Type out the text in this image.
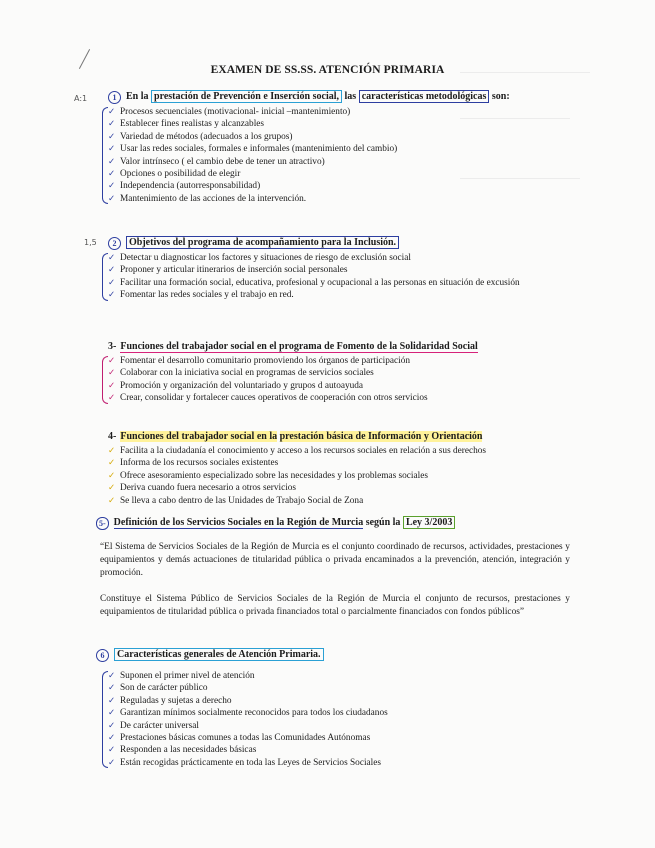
EXAMEN DE SS.SS. ATENCIÓN PRIMARIA
A:1	1 En la prestación de Prevención e Inserción social, las características metodológicas son:
✓ Procesos secuenciales (motivacional- inicial –mantenimiento)
✓ Establecer fines realistas y alcanzables
✓ Variedad de métodos (adecuados a los grupos)
✓ Usar las redes sociales, formales e informales (mantenimiento del cambio)
✓ Valor intrínseco ( el cambio debe de tener un atractivo)
✓ Opciones o posibilidad de elegir
✓ Independencia (autorresponsabilidad)
✓ Mantenimiento de las acciones de la intervención.
1,5	2 Objetivos del programa de acompañamiento para la Inclusión.
✓ Detectar u diagnosticar los factores y situaciones de riesgo de exclusión social
✓ Proponer y articular itinerarios de inserción social personales
✓ Facilitar una formación social, educativa, profesional y ocupacional a las personas en situación de excusión
✓ Fomentar las redes sociales y el trabajo en red.
3- Funciones del trabajador social en el programa de Fomento de la Solidaridad Social
✓ Fomentar el desarrollo comunitario promoviendo los órganos de participación
✓ Colaborar con la iniciativa social en programas de servicios sociales
✓ Promoción y organización del voluntariado y grupos d autoayuda
✓ Crear, consolidar y fortalecer cauces operativos de cooperación con otros servicios
4- Funciones del trabajador social en la prestación básica de Información y Orientación
✓ Facilita a la ciudadanía el conocimiento y acceso a los recursos sociales en relación a sus derechos
✓ Informa de los recursos sociales existentes
✓ Ofrece asesoramiento especializado sobre las necesidades y los problemas sociales
✓ Deriva cuando fuera necesario a otros servicios
✓ Se lleva a cabo dentro de las Unidades de Trabajo Social de Zona
5- Definición de los Servicios Sociales en la Región de Murcia según la Ley 3/2003
“El Sistema de Servicios Sociales de la Región de Murcia es el conjunto coordinado de recursos, actividades, prestaciones y equipamientos y demás actuaciones de titularidad pública o privada encaminados a la prevención, atención, integración y promoción.
Constituye el Sistema Público de Servicios Sociales de la Región de Murcia el conjunto de recursos, prestaciones y equipamientos de titularidad pública o privada financiados total o parcialmente financiados con fondos públicos”
6 Características generales de Atención Primaria.
✓ Suponen el primer nivel de atención
✓ Son de carácter público
✓ Reguladas y sujetas a derecho
✓ Garantizan mínimos socialmente reconocidos para todos los ciudadanos
✓ De carácter universal
✓ Prestaciones básicas comunes a todas las Comunidades Autónomas
✓ Responden a las necesidades básicas
✓ Están recogidas prácticamente en toda las Leyes de Servicios Sociales
